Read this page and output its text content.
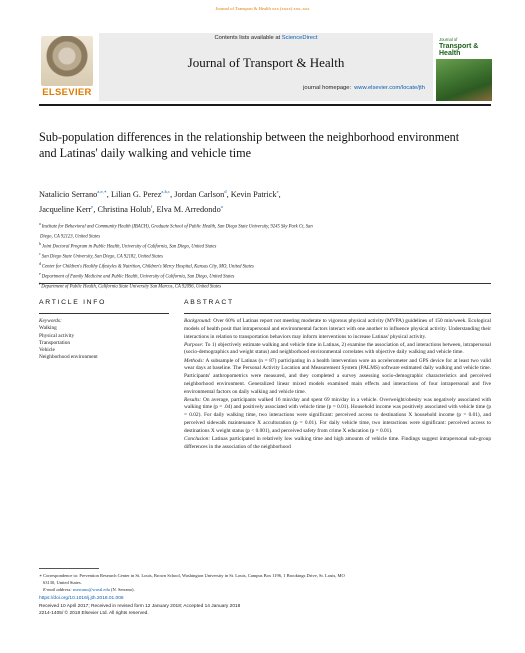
Journal of Transport & Health xxx (xxxx) xxx–xxx
ELSEVIER
Contents lists available at ScienceDirect
Journal of Transport & Health
journal homepage: www.elsevier.com/locate/jth
Journal of
Transport & Health
Sub-population differences in the relationship between the neighborhood environment and Latinas' daily walking and vehicle time
Natalicio Serrano$^{a,e,∗}$, Lilian G. Perez$^{a,b,c}$, Jordan Carlson$^d$, Kevin Patrick$^e$,
Jacqueline Kerr$^e$, Christina Holub$^f$, Elva M. Arredondo$^a$
$^a$Institute for Behavioral and Community Health (IBACH), Graduate School of Public Health, San Diego State University, 9245 Sky Park Ct, San
Diego, CA 92123, United States
$^b$Joint Doctoral Program in Public Health, University of California, San Diego, United States
$^c$San Diego State University, San Diego, CA 92182, United States
$^d$Center for Children's Healthy Lifestyles & Nutrition, Children's Mercy Hospital, Kansas City, MO, United States
$^e$Department of Family Medicine and Public Health, University of California, San Diego, United States
Department of Public Health, California State University San Marcos, CA 92096, United States
ARTICLE INFO	ABSTRACT
Keywords:
Walking
Physical activity
Transportation
Vehicle
Neighborhood environment

Background: Over 60% of Latinas report not meeting moderate to vigorous physical activity (MVPA) guidelines of 150 min/week. Ecological models of health posit that intrapersonal and environmental factors interact with one another to influence physical activity. Understanding their interactions in relation to transportation behaviors may inform interventions to increase Latinas' physical activity.

Purpose: To 1) objectively estimate walking and vehicle time in Latinas, 2) examine the association of, and interactions between, intrapersonal (socio-demographics and weight status) and neighborhood environmental correlates with objective daily walking and vehicle time.

Methods: A subsample of Latinas (n = 87) participating in a health intervention wore an accelerometer and GPS device for at least two valid wear days at baseline. The Personal Activity Location and Measurement System (PALMS) software estimated daily walking and vehicle time. Participants' anthropometrics were measured, and they completed a survey assessing socio-demographic characteristics and perceived neighborhood environment. Generalized linear mixed models examined main effects and interactions of four intrapersonal and five environmental factors on daily walking and vehicle time.

Results: On average, participants walked 16 min/day and spent 69 min/day in a vehicle. Overweight/obesity was negatively associated with walking time (p = .04) and positively associated with vehicle time (p = 0.01). Household income was positively associated with vehicle time (p = 0.02). For daily walking time, two interactions were significant: perceived access to destinations X household income (p = 0.01), and perceived sidewalk maintenance X acculturation (p = 0.01). For daily vehicle time, two interactions were significant: perceived access to destinations X weight status (p < 0.001), and perceived safety from crime X education (p = 0.01).

Conclusion: Latinas participated in relatively low walking time and high amounts of vehicle time. Findings suggest intrapersonal sub-group differences in the association of the neighborhood

∗ Correspondence to: Prevention Research Center in St. Louis, Brown School, Washington University in St. Louis, Campus Box 1196, 1 Brookings Drive, St. Louis, MO
63130, United States.
E-mail address: nserrano@wustl.edu (N. Serrano).
https://doi.org/10.1016/j.jth.2018.01.006
Received 10 April 2017; Received in revised form 12 January 2018; Accepted 14 January 2018
2214-1405/ © 2018 Elsevier Ltd. All rights reserved.
